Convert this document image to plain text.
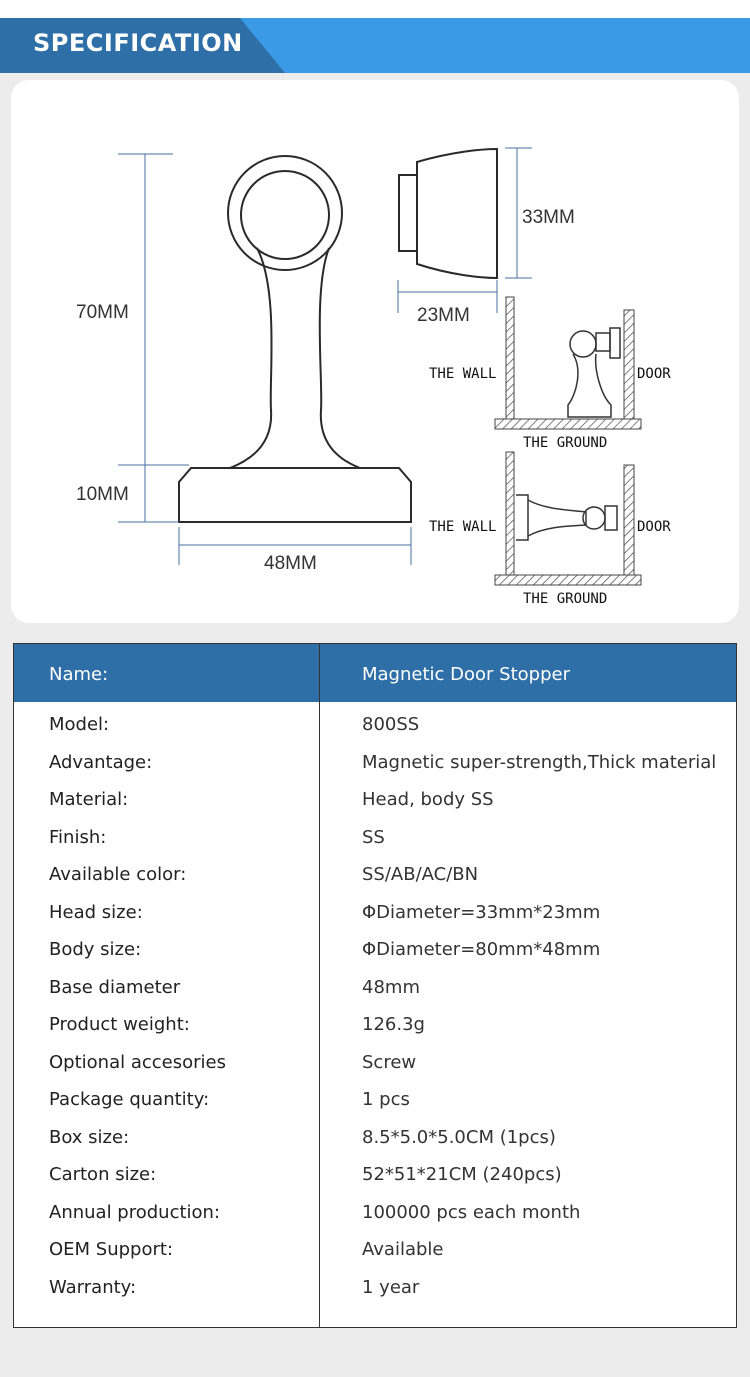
SPECIFICATION
70MM
10MM
48MM
33MM
23MM
THE WALL	DOOR
THE GROUND
THE WALL	DOOR
THE GROUND
Name:	Magnetic Door Stopper
Model:	800SS
Advantage:	Magnetic super-strength,Thick material
Material:	Head, body SS
Finish:	SS
Available color:	SS/AB/AC/BN
Head size:	ΦDiameter=33mm*23mm
Body size:	ΦDiameter=80mm*48mm
Base diameter	48mm
Product weight:	126.3g
Optional accesories	Screw
Package quantity:	1 pcs
Box size:	8.5*5.0*5.0CM (1pcs)
Carton size:	52*51*21CM (240pcs)
Annual production:	100000 pcs each month
OEM Support:	Available
Warranty:	1 year
